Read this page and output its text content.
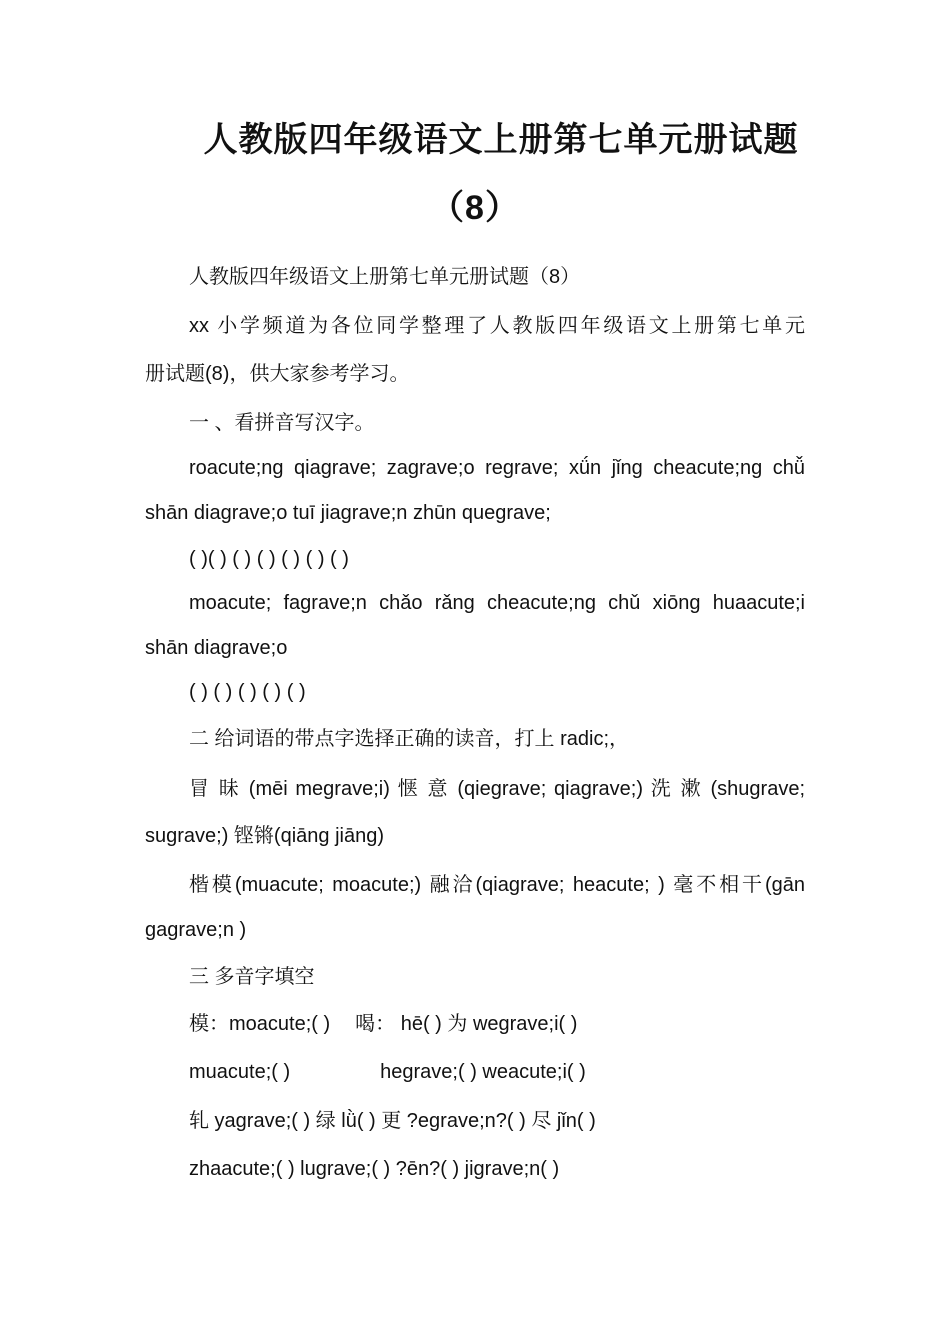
人教版四年级语文上册第七单元册试题
（8）
人教版四年级语文上册第七单元册试题（8）
xx 小学频道为各位同学整理了人教版四年级语文上册第七单元
册试题(8)，供大家参考学习。
一 、看拼音写汉字。
roacute;ng qiagrave; zagrave;o regrave; xǘn jǐng cheacute;ng chǚ
shān diagrave;o tuī jiagrave;n zhūn quegrave;
( )( ) ( ) ( ) ( ) ( ) ( )
moacute; fagrave;n chǎo rǎng cheacute;ng chǔ xiōng huaacute;i
shān diagrave;o
( ) ( ) ( ) ( ) ( )
二 给词语的带点字选择正确的读音，打上 radic;，
冒 昧 (mēi megrave;i) 惬 意 (qiegrave; qiagrave;) 洗 漱 (shugrave;
sugrave;) 铿锵(qiāng jiāng)
楷模(muacute; moacute;) 融洽(qiagrave; heacute; ) 毫不相干(gān
gagrave;n )
三 多音字填空
模：moacute;( ) 喝： hē( ) 为 wegrave;i( )
muacute;( )	hegrave;( ) weacute;i( )
轧 yagrave;( ) 绿 lǜ( ) 更 ?egrave;n?( ) 尽 jǐn( )
zhaacute;( ) lugrave;( ) ?ēn?( ) jigrave;n( )
